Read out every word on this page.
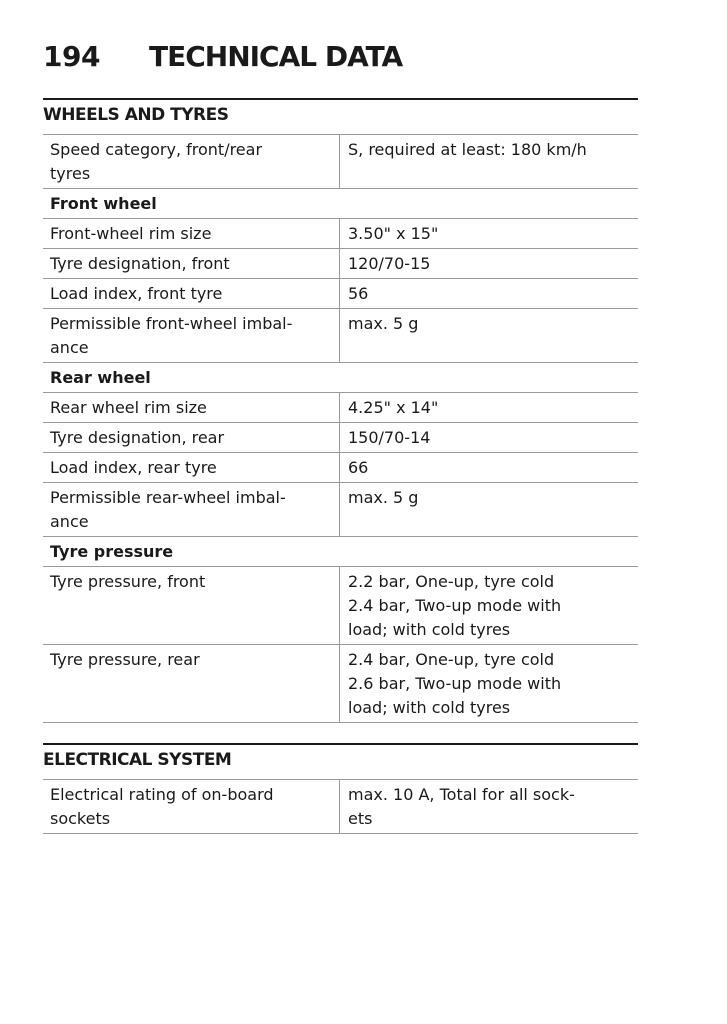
194 TECHNICAL DATA
WHEELS AND TYRES
Speed category, front/rear
tyres	S, required at least: 180 km/h
Front wheel	
Front-wheel rim size	3.50" x 15"
Tyre designation, front	120/70-15
Load index, front tyre	56
Permissible front-wheel imbal-
ance	max. 5 g
Rear wheel	
Rear wheel rim size	4.25" x 14"
Tyre designation, rear	150/70-14
Load index, rear tyre	66
Permissible rear-wheel imbal-
ance	max. 5 g
Tyre pressure	
Tyre pressure, front	2.2 bar, One-up, tyre cold
2.4 bar, Two-up mode with
load; with cold tyres
Tyre pressure, rear	2.4 bar, One-up, tyre cold
2.6 bar, Two-up mode with
load; with cold tyres
ELECTRICAL SYSTEM
Electrical rating of on-board
sockets	max. 10 A, Total for all sock-
ets
